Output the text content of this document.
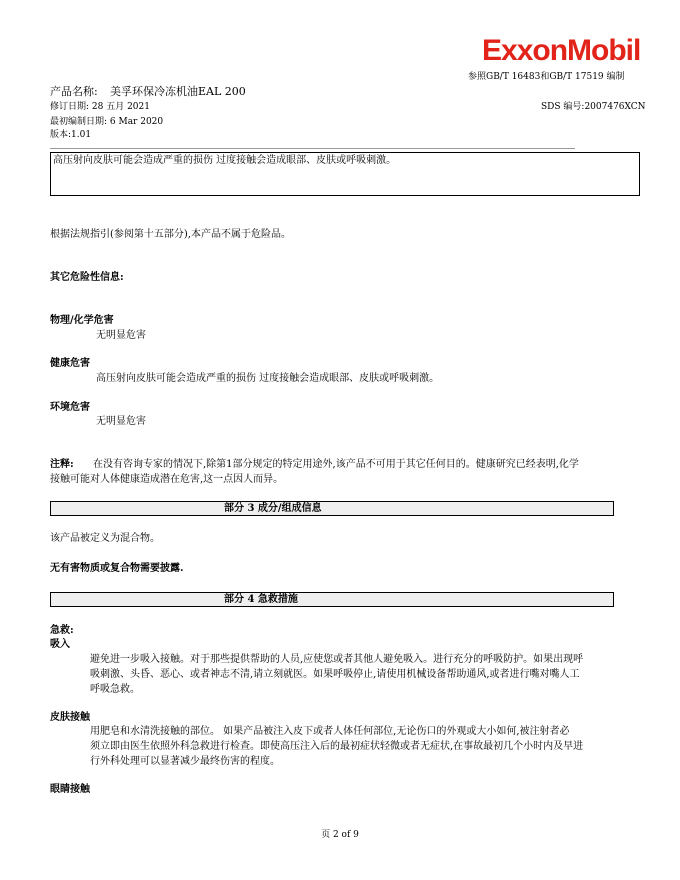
ExxonMobil
参照GB/T 16483和GB/T 17519 编制
产品名称: 美孚环保冷冻机油EAL 200
修订日期: 28 五月 2021	SDS 编号:2007476XCN
最初编制日期: 6 Mar 2020
版本:1.01
高压射向皮肤可能会造成严重的损伤 过度接触会造成眼部、皮肤或呼吸刺激。
根据法规指引(参阅第十五部分),本产品不属于危险品。
其它危险性信息:
物理/化学危害
无明显危害
健康危害
高压射向皮肤可能会造成严重的损伤 过度接触会造成眼部、皮肤或呼吸刺激。
环境危害
无明显危害
注释: 在没有咨询专家的情况下,除第1部分规定的特定用途外,该产品不可用于其它任何目的。健康研究已经表明,化学
接触可能对人体健康造成潜在危害,这一点因人而异。
部分 3 成分/组成信息
该产品被定义为混合物。
无有害物质或复合物需要披露.
部分 4 急救措施
急救:
吸入
避免进一步吸入接触。对于那些提供帮助的人员,应使您或者其他人避免吸入。进行充分的呼吸防护。如果出现呼
吸刺激、头昏、恶心、或者神志不清,请立刻就医。如果呼吸停止,请使用机械设备帮助通风,或者进行嘴对嘴人工
呼吸急救。
皮肤接触
用肥皂和水清洗接触的部位。 如果产品被注入皮下或者人体任何部位,无论伤口的外观或大小如何,被注射者必
须立即由医生依照外科急救进行检查。即使高压注入后的最初症状轻微或者无症状,在事故最初几个小时内及早进
行外科处理可以显著减少最终伤害的程度。
眼睛接触
页 2 of 9
